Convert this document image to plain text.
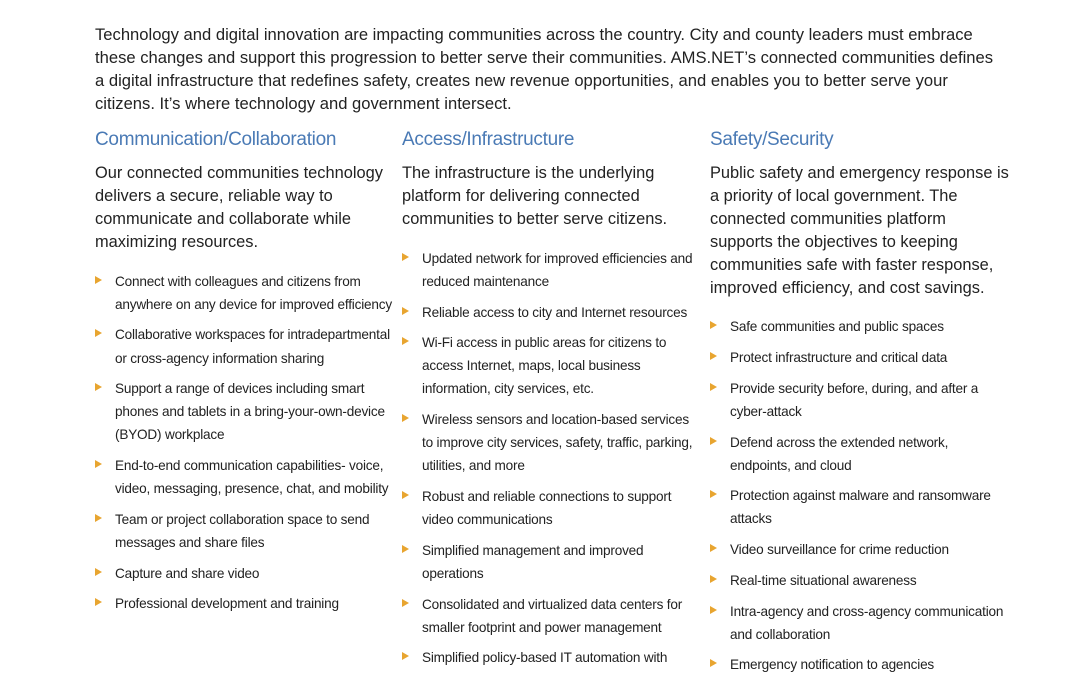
Technology and digital innovation are impacting communities across the country. City and county leaders must embrace these changes and support this progression to better serve their communities. AMS.NET’s connected communities defines a digital infrastructure that redefines safety, creates new revenue opportunities, and enables you to better serve your citizens. It’s where technology and government intersect.

Communication/Collaboration

Our connected communities technology delivers a secure, reliable way to communicate and collaborate while maximizing resources.

Connect with colleagues and citizens from anywhere on any device for improved efficiency
Collaborative workspaces for intradepartmental or cross-agency information sharing
Support a range of devices including smart phones and tablets in a bring-your-own-device (BYOD) workplace
End-to-end communication capabilities- voice, video, messaging, presence, chat, and mobility
Team or project collaboration space to send messages and share files
Capture and share video
Professional development and training
Access/Infrastructure

The infrastructure is the underlying platform for delivering connected communities to better serve citizens.

Updated network for improved efficiencies and reduced maintenance
Reliable access to city and Internet resources
Wi-Fi access in public areas for citizens to access Internet, maps, local business information, city services, etc.
Wireless sensors and location-based services to improve city services, safety, traffic, parking, utilities, and more
Robust and reliable connections to support video communications
Simplified management and improved operations
Consolidated and virtualized data centers for smaller footprint and power management
Simplified policy-based IT automation with
Safety/Security

Public safety and emergency response is a priority of local government. The connected communities platform supports the objectives to keeping communities safe with faster response, improved efficiency, and cost savings.

Safe communities and public spaces
Protect infrastructure and critical data
Provide security before, during, and after a cyber-attack
Defend across the extended network, endpoints, and cloud
Protection against malware and ransomware attacks
Video surveillance for crime reduction
Real-time situational awareness
Intra-agency and cross-agency communication and collaboration
Emergency notification to agencies
